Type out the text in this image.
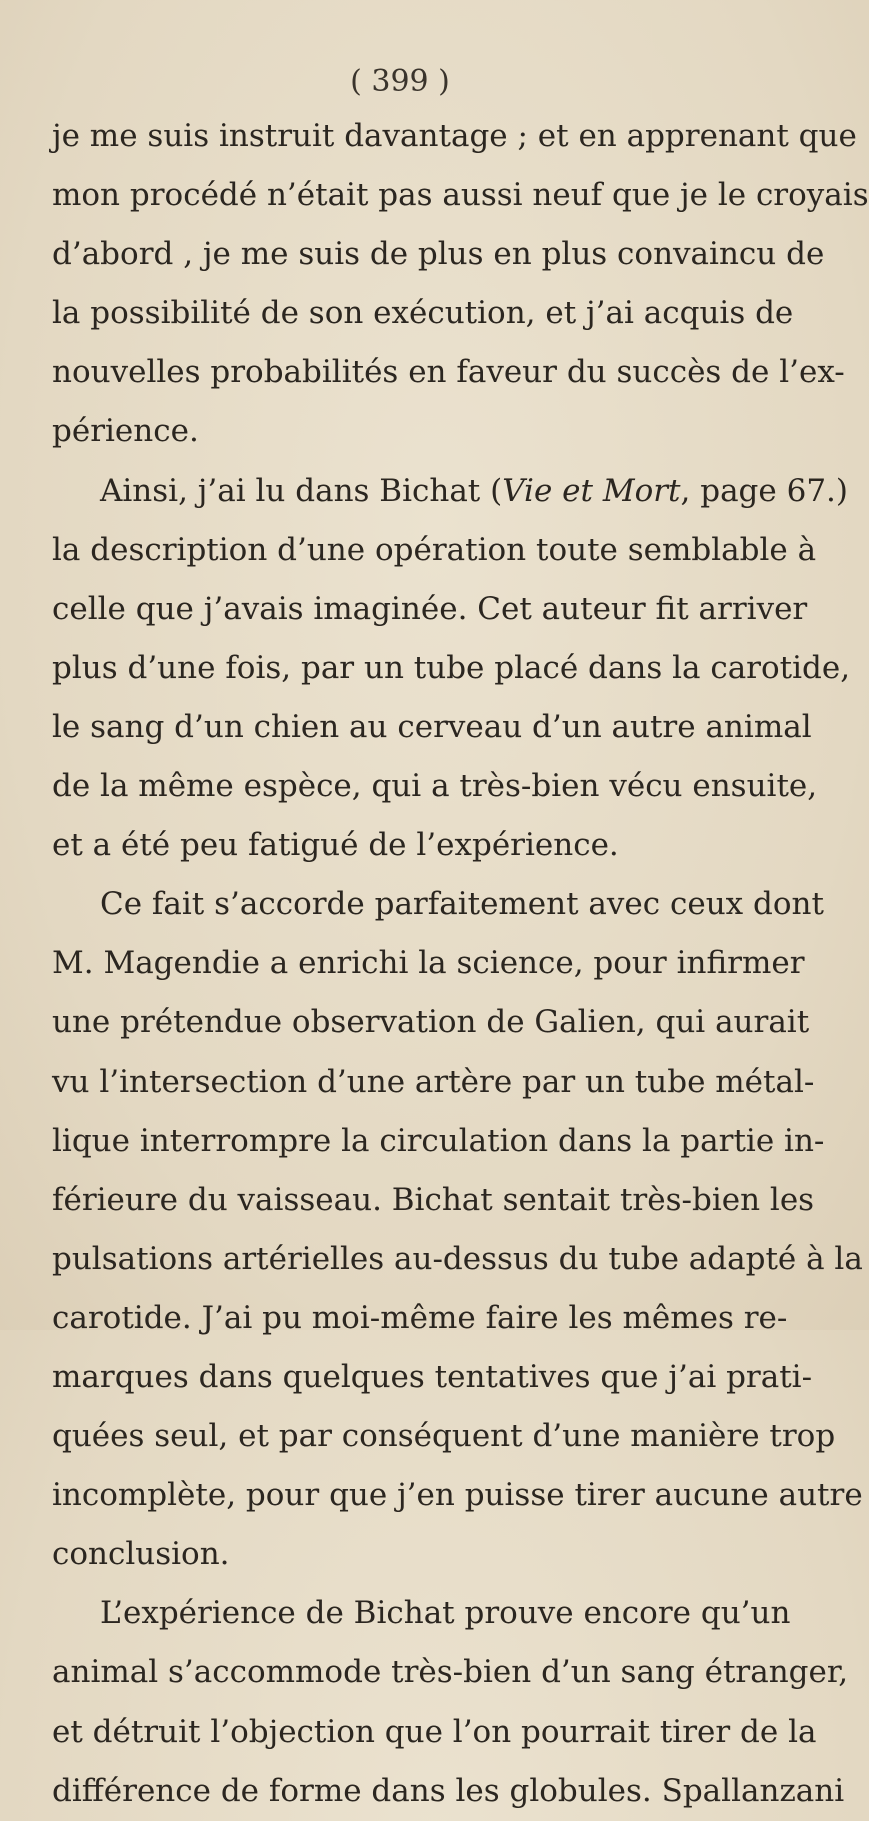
( 399 )
je me suis instruit davantage ; et en apprenant que
mon procédé n’était pas aussi neuf que je le croyais
d’abord , je me suis de plus en plus convaincu de
la possibilité de son exécution, et j’ai acquis de
nouvelles probabilités en faveur du succès de l’ex-
périence.
Ainsi, j’ai lu dans Bichat (Vie et Mort, page 67.)
la description d’une opération toute semblable à
celle que j’avais imaginée. Cet auteur fit arriver
plus d’une fois, par un tube placé dans la carotide,
le sang d’un chien au cerveau d’un autre animal
de la même espèce, qui a très-bien vécu ensuite,
et a été peu fatigué de l’expérience.
Ce fait s’accorde parfaitement avec ceux dont
M. Magendie a enrichi la science, pour infirmer
une prétendue observation de Galien, qui aurait
vu l’intersection d’une artère par un tube métal-
lique interrompre la circulation dans la partie in-
férieure du vaisseau. Bichat sentait très-bien les
pulsations artérielles au-dessus du tube adapté à la
carotide. J’ai pu moi-même faire les mêmes re-
marques dans quelques tentatives que j’ai prati-
quées seul, et par conséquent d’une manière trop
incomplète, pour que j’en puisse tirer aucune autre
conclusion.
L’expérience de Bichat prouve encore qu’un
animal s’accommode très-bien d’un sang étranger,
et détruit l’objection que l’on pourrait tirer de la
différence de forme dans les globules. Spallanzani
